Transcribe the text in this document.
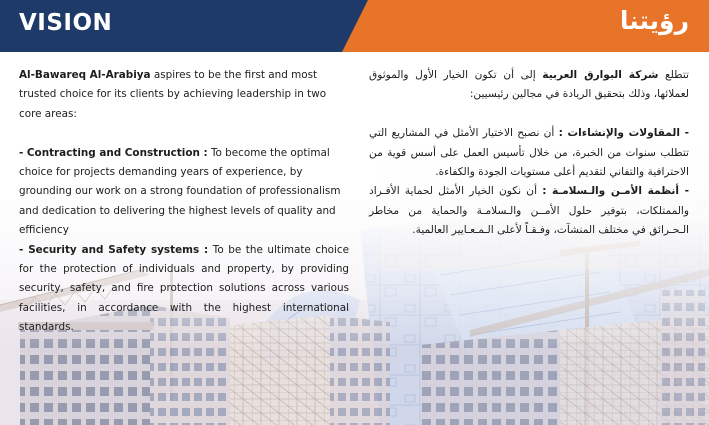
VISION	رؤيتنا

Al-Bawareq Al-Arabiya aspires to be the first and most trusted choice for its clients by achieving leadership in two core areas:

- Contracting and Construction : To become the optimal choice for projects demanding years of experience, by grounding our work on a strong foundation of professionalism and dedication to delivering the highest levels of quality and efficiency

- Security and Safety systems : To be the ultimate choice for the protection of individuals and property, by providing security, safety, and fire protection solutions across various facilities, in accordance with the highest international standards.

تتطلع شركة البوارق العربية إلى أن تكون الخيار الأول والموثوق لعملائها، وذلك بتحقيق الريادة في مجالين رئيسيين:

- المقاولات والإنشاءات : أن نصبح الاختيار الأمثل في المشاريع التي تتطلب سنوات من الخبرة، من خلال تأسيس العمل على أسس قوية من الاحترافية والتفاني لتقديم أعلى مستويات الجودة والكفاءة.

- أنظمة الأمـن والـسلامـة : أن نكون الخيار الأمثل لحماية الأفـراد والممتلكات، بتوفير حلول الأمــن والـسلامـة والحماية من مخاطر الـحـرائق في مختلف المنشآت، وفـقـاً لأعلى الـمـعـايير العالمية.
